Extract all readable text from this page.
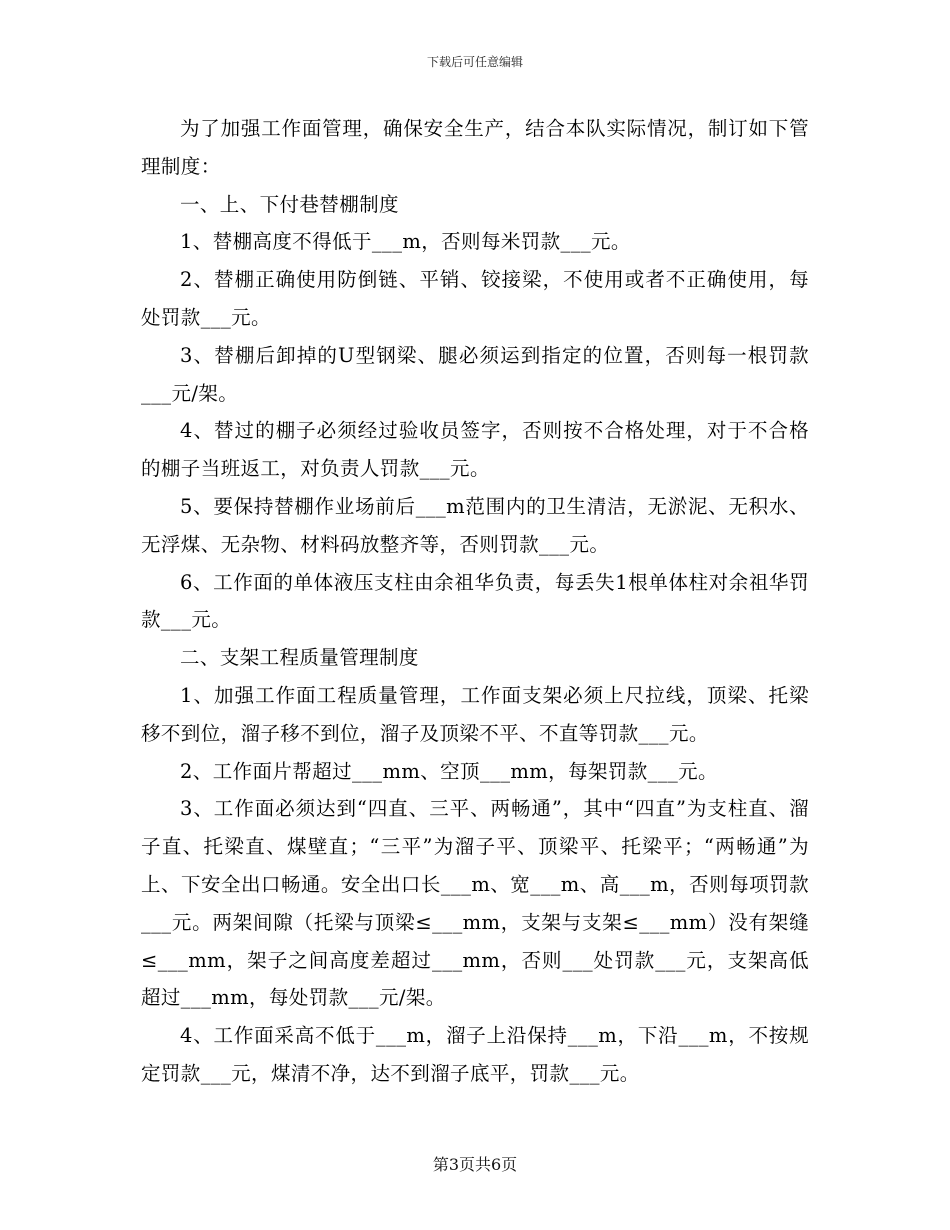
下载后可任意编辑

为了加强工作面管理，确保安全生产，结合本队实际情况，制订如下管理制度：

一、上、下付巷替棚制度

1、替棚高度不得低于___m，否则每米罚款___元。

2、替棚正确使用防倒链、平销、铰接梁，不使用或者不正确使用，每处罚款___元。

3、替棚后卸掉的U型钢梁、腿必须运到指定的位置，否则每一根罚款___元/架。

4、替过的棚子必须经过验收员签字，否则按不合格处理，对于不合格的棚子当班返工，对负责人罚款___元。

5、要保持替棚作业场前后___m范围内的卫生清洁，无淤泥、无积水、无浮煤、无杂物、材料码放整齐等，否则罚款___元。

6、工作面的单体液压支柱由余祖华负责，每丢失1根单体柱对余祖华罚款___元。

二、支架工程质量管理制度

1、加强工作面工程质量管理，工作面支架必须上尺拉线，顶梁、托梁移不到位，溜子移不到位，溜子及顶梁不平、不直等罚款___元。

2、工作面片帮超过___mm、空顶___mm，每架罚款___元。

3、工作面必须达到“四直、三平、两畅通”，其中“四直”为支柱直、溜子直、托梁直、煤壁直；“三平”为溜子平、顶梁平、托梁平；“两畅通”为上、下安全出口畅通。安全出口长___m、宽___m、高___m，否则每项罚款___元。两架间隙（托梁与顶梁≤___mm，支架与支架≤___mm）没有架缝≤___mm，架子之间高度差超过___mm，否则___处罚款___元，支架高低超过___mm，每处罚款___元/架。

4、工作面采高不低于___m，溜子上沿保持___m，下沿___m，不按规定罚款___元，煤清不净，达不到溜子底平，罚款___元。

第3页共6页
